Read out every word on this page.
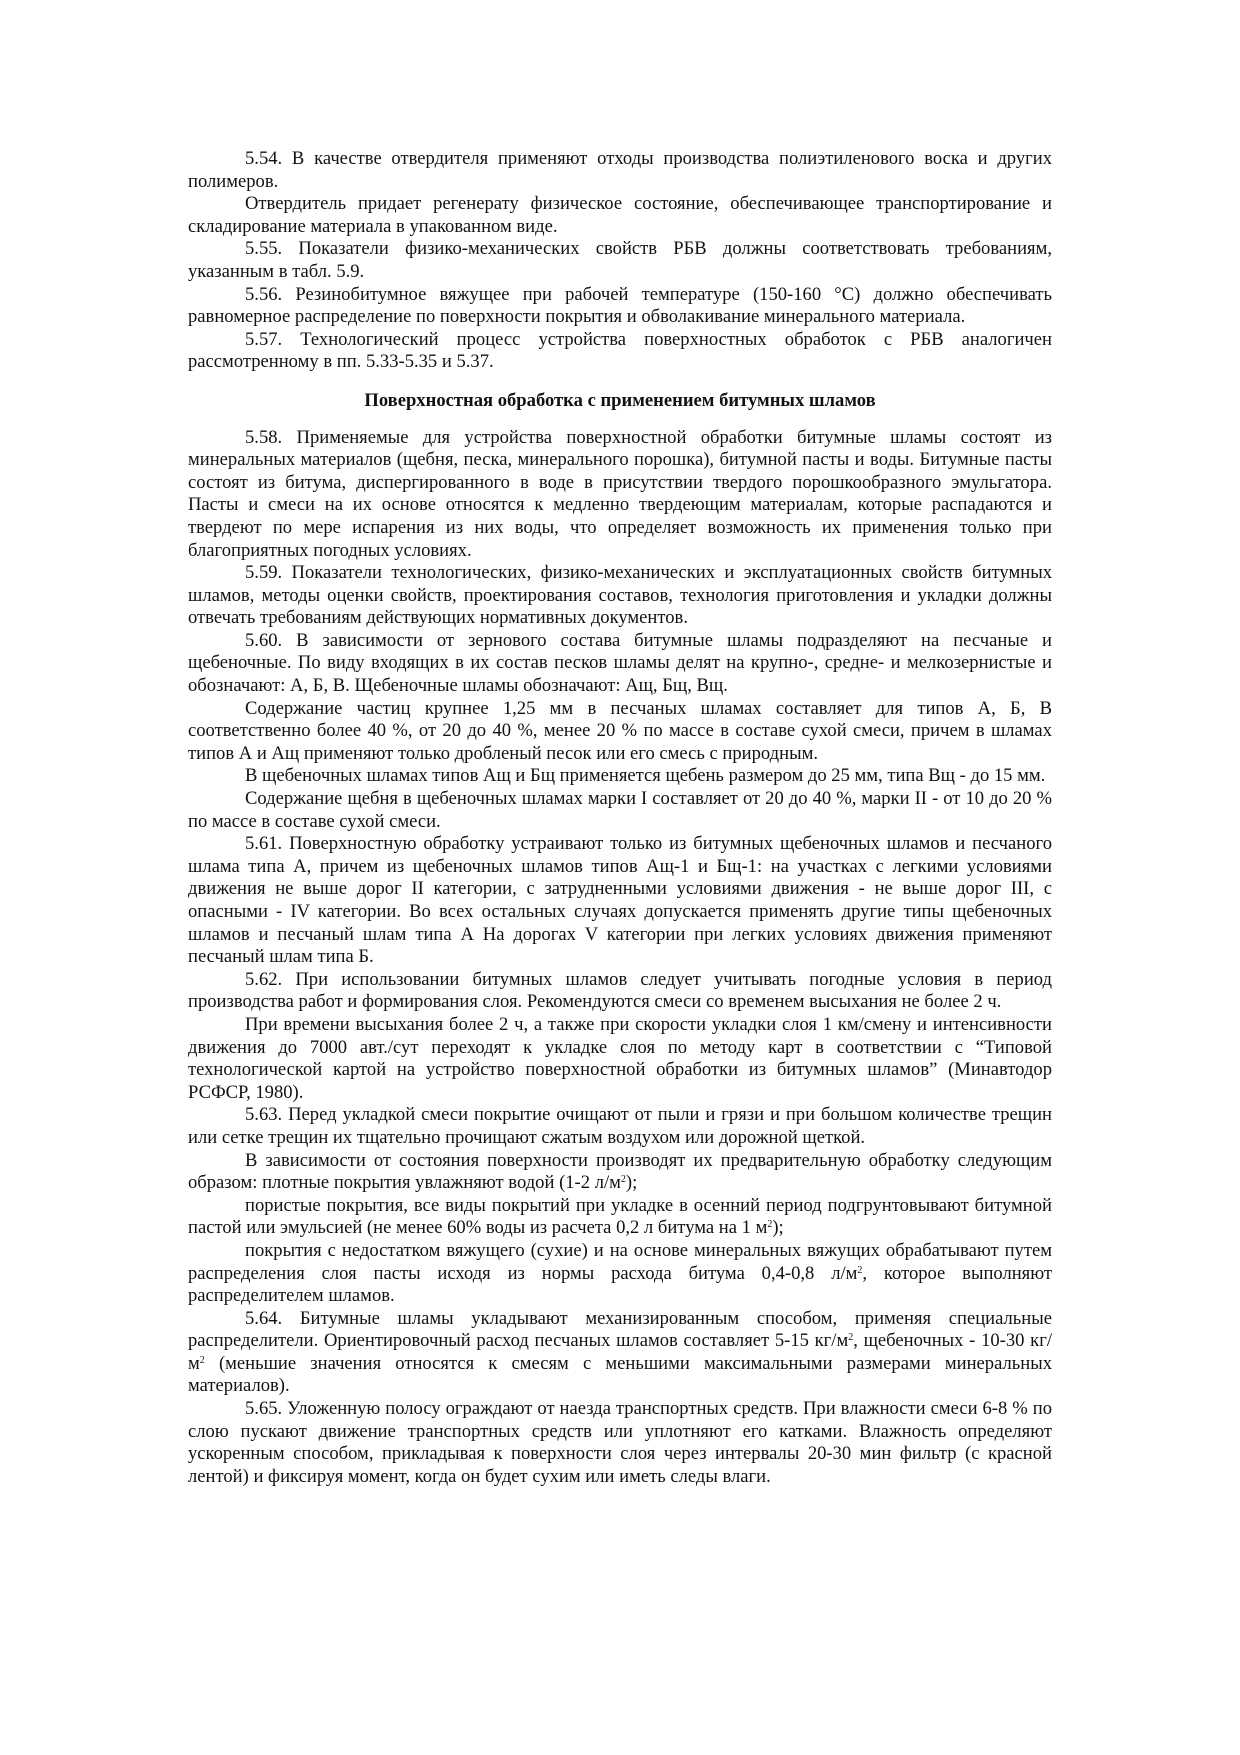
5.54. В качестве отвердителя применяют отходы производства полиэтиленового воска и других полимеров.

Отвердитель придает регенерату физическое состояние, обеспечивающее транспортирование и складирование материала в упакованном виде.

5.55. Показатели физико-механических свойств РБВ должны соответствовать требованиям, указанным в табл. 5.9.

5.56. Резинобитумное вяжущее при рабочей температуре (150-160 °С) должно обеспечивать равномерное распределение по поверхности покрытия и обволакивание минерального материала.

5.57. Технологический процесс устройства поверхностных обработок с РБВ аналогичен рассмотренному в пп. 5.33-5.35 и 5.37.

Поверхностная обработка с применением битумных шламов

5.58. Применяемые для устройства поверхностной обработки битумные шламы состоят из минеральных материалов (щебня, песка, минерального порошка), битумной пасты и воды. Битумные пасты состоят из битума, диспергированного в воде в присутствии твердого порошкообразного эмульгатора. Пасты и смеси на их основе относятся к медленно твердеющим материалам, которые распадаются и твердеют по мере испарения из них воды, что определяет возможность их применения только при благоприятных погодных условиях.

5.59. Показатели технологических, физико-механических и эксплуатационных свойств битумных шламов, методы оценки свойств, проектирования составов, технология приготовления и укладки должны отвечать требованиям действующих нормативных документов.

5.60. В зависимости от зернового состава битумные шламы подразделяют на песчаные и щебеночные. По виду входящих в их состав песков шламы делят на крупно-, средне- и мелкозернистые и обозначают: А, Б, В. Щебеночные шламы обозначают: Ащ, Бщ, Вщ.

Содержание частиц крупнее 1,25 мм в песчаных шламах составляет для типов А, Б, В соответственно более 40 %, от 20 до 40 %, менее 20 % по массе в составе сухой смеси, причем в шламах типов А и Ащ применяют только дробленый песок или его смесь с природным.

В щебеночных шламах типов Ащ и Бщ применяется щебень размером до 25 мм, типа Вщ - до 15 мм.

Содержание щебня в щебеночных шламах марки I составляет от 20 до 40 %, марки II - от 10 до 20 % по массе в составе сухой смеси.

5.61. Поверхностную обработку устраивают только из битумных щебеночных шламов и песчаного шлама типа А, причем из щебеночных шламов типов Ащ-1 и Бщ-1: на участках с легкими условиями движения не выше дорог II категории, с затрудненными условиями движения - не выше дорог III, с опасными - IV категории. Во всех остальных случаях допускается применять другие типы щебеночных шламов и песчаный шлам типа А На дорогах V категории при легких условиях движения применяют песчаный шлам типа Б.

5.62. При использовании битумных шламов следует учитывать погодные условия в период производства работ и формирования слоя. Рекомендуются смеси со временем высыхания не более 2 ч.

При времени высыхания более 2 ч, а также при скорости укладки слоя 1 км/смену и интенсивности движения до 7000 авт./сут переходят к укладке слоя по методу карт в соответствии с “Типовой технологической картой на устройство поверхностной обработки из битумных шламов” (Минавтодор РСФСР, 1980).

5.63. Перед укладкой смеси покрытие очищают от пыли и грязи и при большом количестве трещин или сетке трещин их тщательно прочищают сжатым воздухом или дорожной щеткой.

В зависимости от состояния поверхности производят их предварительную обработку следующим образом: плотные покрытия увлажняют водой (1-2 $л/м^2$);

пористые покрытия, все виды покрытий при укладке в осенний период подгрунтовывают битумной пастой или эмульсией (не менее 60% воды из расчета 0,2 л битума на 1 $м^2$);

покрытия с недостатком вяжущего (сухие) и на основе минеральных вяжущих обрабатывают путем распределения слоя пасты исходя из нормы расхода битума 0,4-0,8 $л/м^2$, которое выполняют распределителем шламов.

5.64. Битумные шламы укладывают механизированным способом, применяя специальные распределители. Ориентировочный расход песчаных шламов составляет 5-15 $кг/м^2$, щебеночных - 10-30 $кг/м^2$ (меньшие значения относятся к смесям с меньшими максимальными размерами минеральных материалов).

5.65. Уложенную полосу ограждают от наезда транспортных средств. При влажности смеси 6-8 % по слою пускают движение транспортных средств или уплотняют его катками. Влажность определяют ускоренным способом, прикладывая к поверхности слоя через интервалы 20-30 мин фильтр (с красной лентой) и фиксируя момент, когда он будет сухим или иметь следы влаги.
